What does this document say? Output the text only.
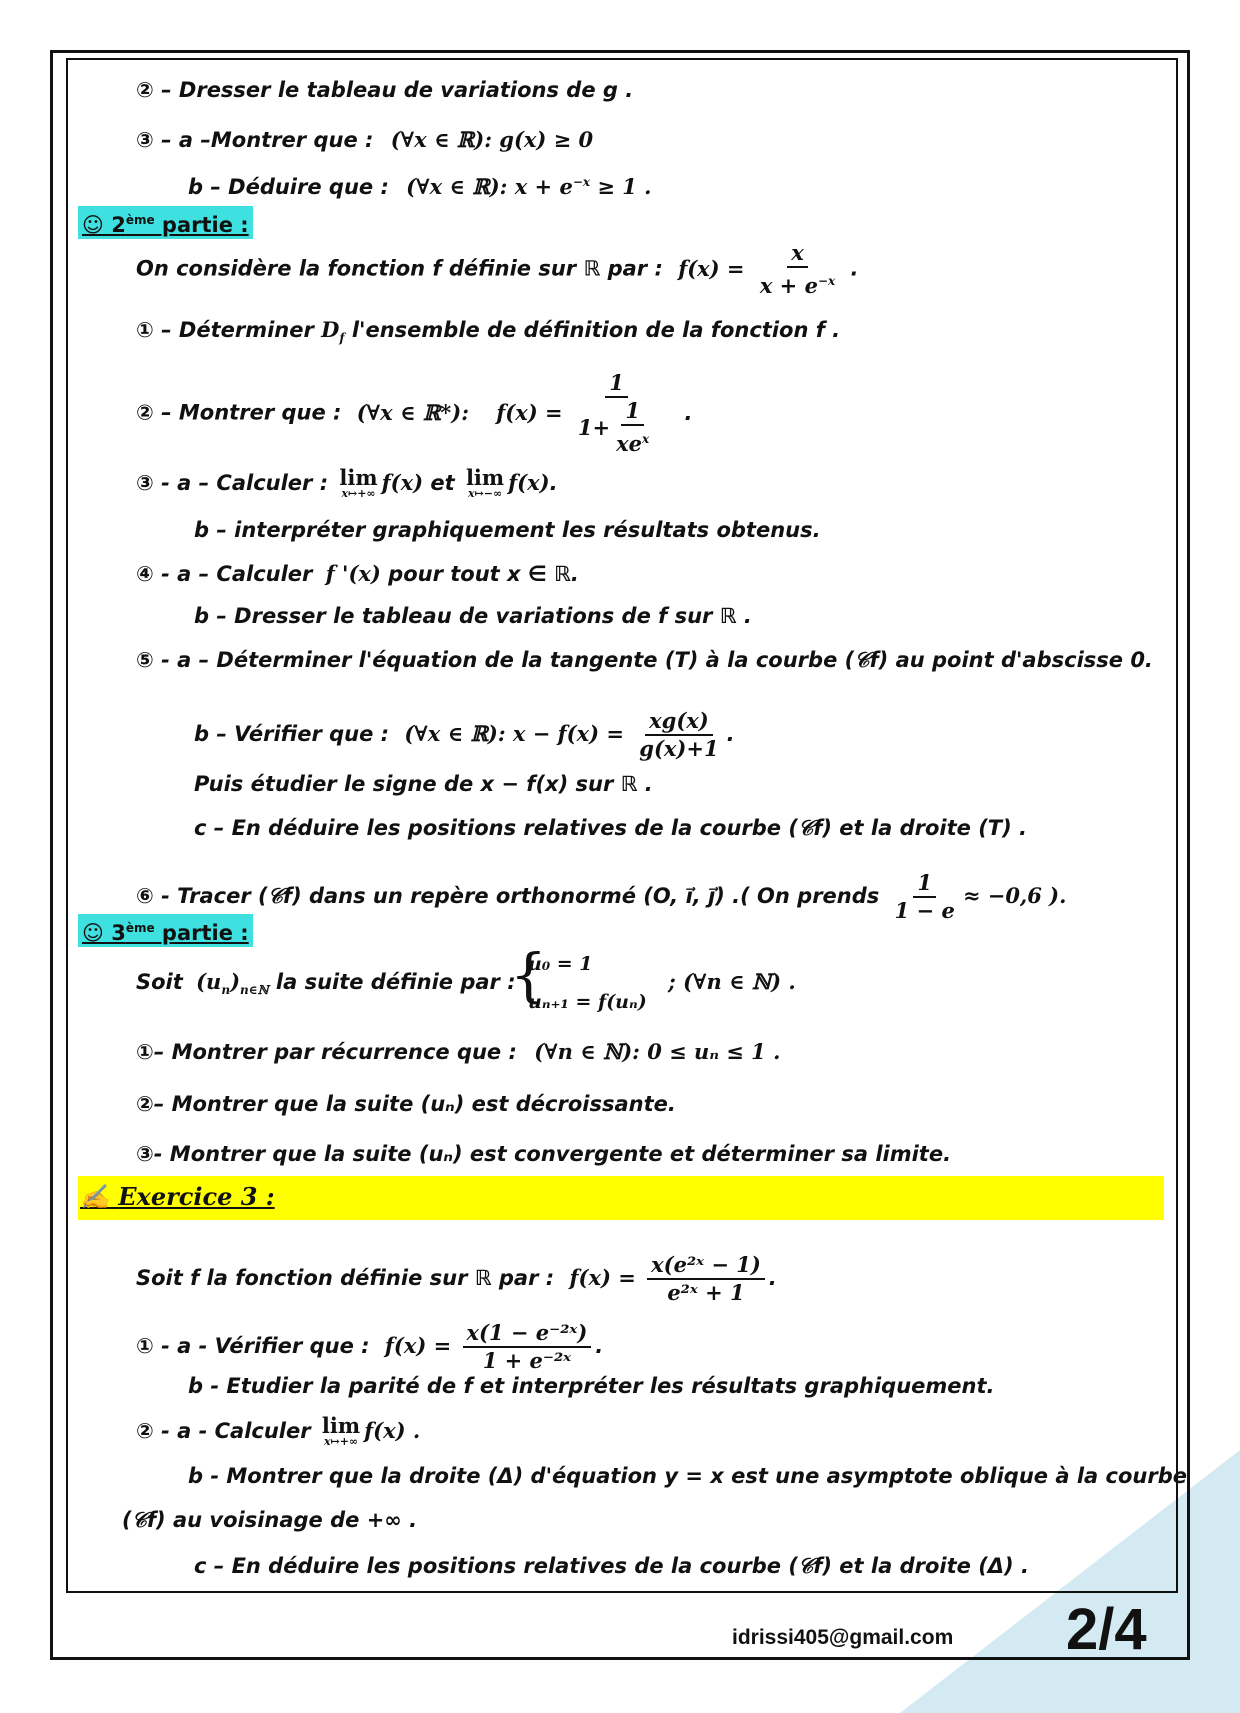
② – Dresser le tableau de variations de g .
③ – a –Montrer que : (∀x ∈ ℝ): g(x) ≥ 0
b – Déduire que : (∀x ∈ ℝ): $x + e^{-x} \ge 1$ .
☺ 2ème partie :
On considère la fonction f définie sur ℝ par : $f(x) = \frac{x}{x + e^{-x}}$ .
① – Déterminer $D_f$ l'ensemble de définition de la fonction f .
② – Montrer que : (∀x ∈ ℝ*): $f(x) = \frac{1}{1+ \frac{1}{xe^x}}$ .
③ - a – Calculer : lim
x↦+∞ f(x) et lim
x↦−∞ f(x).
b – interpréter graphiquement les résultats obtenus.
④ - a – Calculer f '(x) pour tout x ∈ ℝ.
b – Dresser le tableau de variations de f sur ℝ .
⑤ - a – Déterminer l'équation de la tangente (T) à la courbe (𝒞f) au point d'abscisse 0.
b – Vérifier que : (∀x ∈ ℝ): $x - f(x) = \frac{xg(x)}{g(x)+1}$ .
Puis étudier le signe de x − f(x) sur ℝ .
c – En déduire les positions relatives de la courbe (𝒞f) et la droite (T) .
⑥ - Tracer (𝒞f) dans un repère orthonormé (O, i⃗, j⃗) .( On prends $\frac{1}{1 - e} \approx -0,6$ ).
☺ 3ème partie :
Soit $(u_n)_{n\in ℕ}$ la suite définie par :
{
u₀ = 1
uₙ₊₁ = f(uₙ)
; (∀n ∈ ℕ) .
①– Montrer par récurrence que : (∀n ∈ ℕ): 0 ≤ uₙ ≤ 1 .
②– Montrer que la suite (uₙ) est décroissante.
③- Montrer que la suite (uₙ) est convergente et déterminer sa limite.
✍ Exercice 3 :
Soit f la fonction définie sur ℝ par : $f(x) = \frac{\text{x(e²ˣ − 1)}}{\text{e²ˣ + 1}}$ .
① - a - Vérifier que : $f(x) = \frac{\text{x(1 − e⁻²ˣ)}}{\text{1 + e⁻²ˣ}}$ .
b - Etudier la parité de f et interpréter les résultats graphiquement.
② - a - Calculer lim
x↦+∞ f(x) .
b - Montrer que la droite (Δ) d'équation y = x est une asymptote oblique à la courbe
(𝒞f) au voisinage de +∞ .
c – En déduire les positions relatives de la courbe (𝒞f) et la droite (Δ) .
idrissi405@gmail.com 2/4
